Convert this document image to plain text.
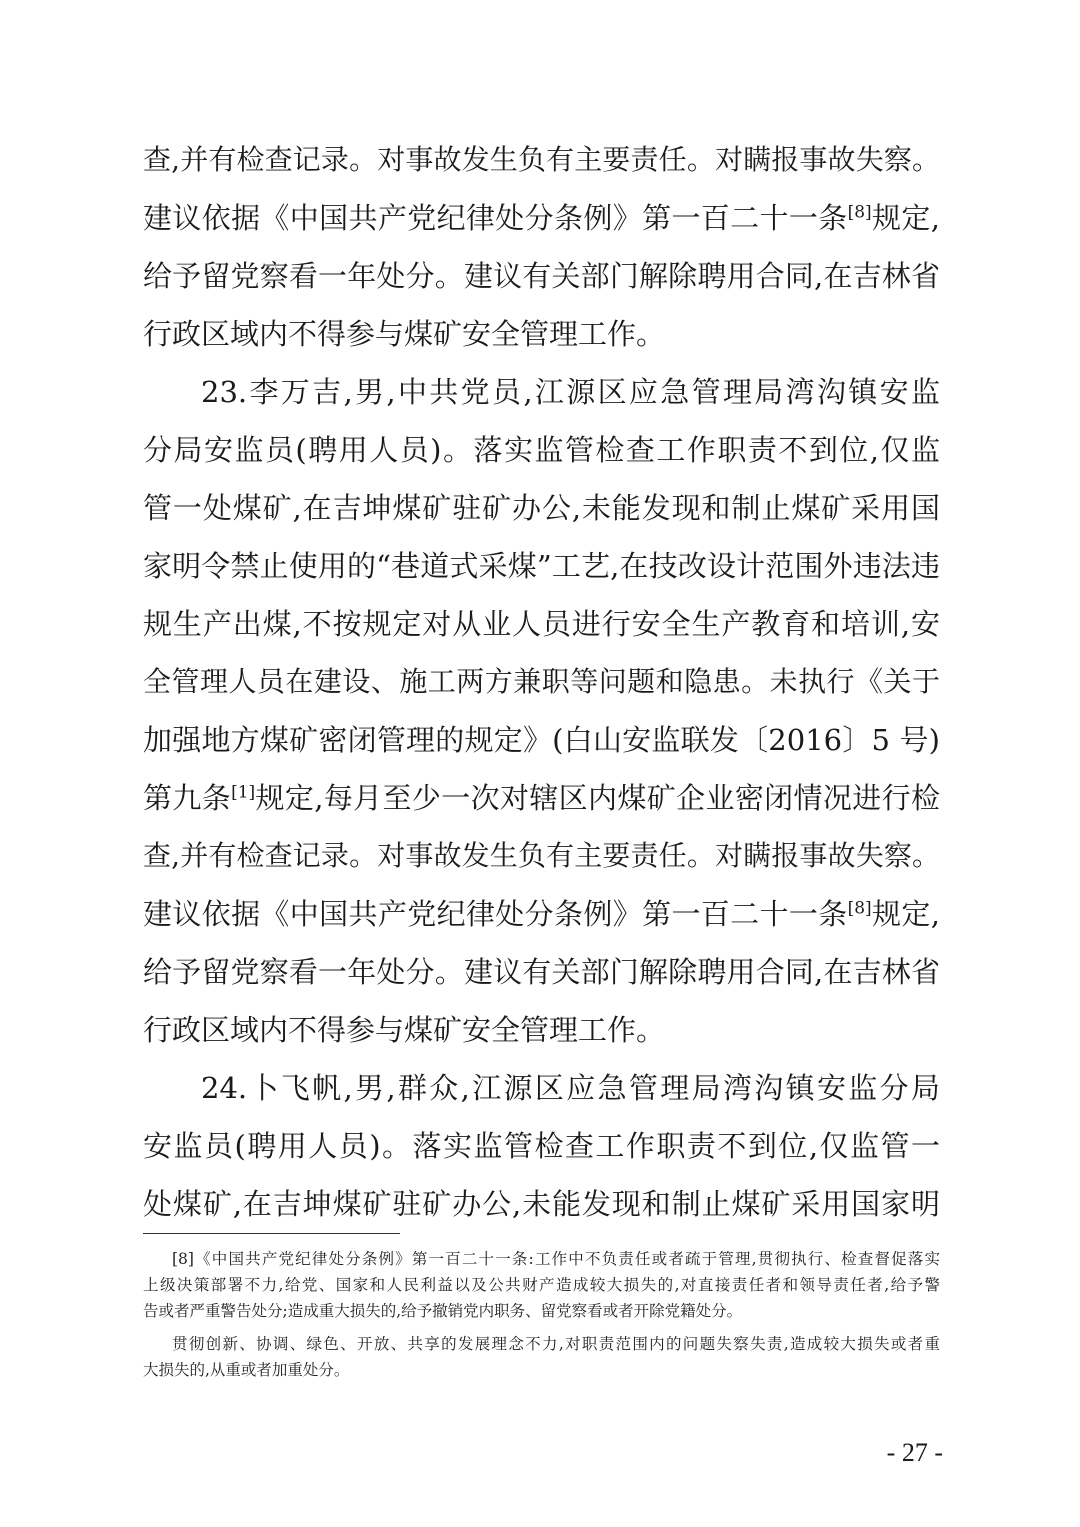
查,并有检查记录。对事故发生负有主要责任。对瞒报事故失察。
建议依据《中国共产党纪律处分条例》第一百二十一条[8]规定,
给予留党察看一年处分。建议有关部门解除聘用合同,在吉林省
行政区域内不得参与煤矿安全管理工作。
23.李万吉,男,中共党员,江源区应急管理局湾沟镇安监
分局安监员(聘用人员)。落实监管检查工作职责不到位,仅监
管一处煤矿,在吉坤煤矿驻矿办公,未能发现和制止煤矿采用国
家明令禁止使用的“巷道式采煤”工艺,在技改设计范围外违法违
规生产出煤,不按规定对从业人员进行安全生产教育和培训,安
全管理人员在建设、施工两方兼职等问题和隐患。未执行《关于
加强地方煤矿密闭管理的规定》(白山安监联发〔2016〕5 号)
第九条[1]规定,每月至少一次对辖区内煤矿企业密闭情况进行检
查,并有检查记录。对事故发生负有主要责任。对瞒报事故失察。
建议依据《中国共产党纪律处分条例》第一百二十一条[8]规定,
给予留党察看一年处分。建议有关部门解除聘用合同,在吉林省
行政区域内不得参与煤矿安全管理工作。
24.卜飞帆,男,群众,江源区应急管理局湾沟镇安监分局
安监员(聘用人员)。落实监管检查工作职责不到位,仅监管一
处煤矿,在吉坤煤矿驻矿办公,未能发现和制止煤矿采用国家明
[8]《中国共产党纪律处分条例》第一百二十一条:工作中不负责任或者疏于管理,贯彻执行、检查督促落实
上级决策部署不力,给党、国家和人民利益以及公共财产造成较大损失的,对直接责任者和领导责任者,给予警
告或者严重警告处分;造成重大损失的,给予撤销党内职务、留党察看或者开除党籍处分。
贯彻创新、协调、绿色、开放、共享的发展理念不力,对职责范围内的问题失察失责,造成较大损失或者重
大损失的,从重或者加重处分。
- 27 -
